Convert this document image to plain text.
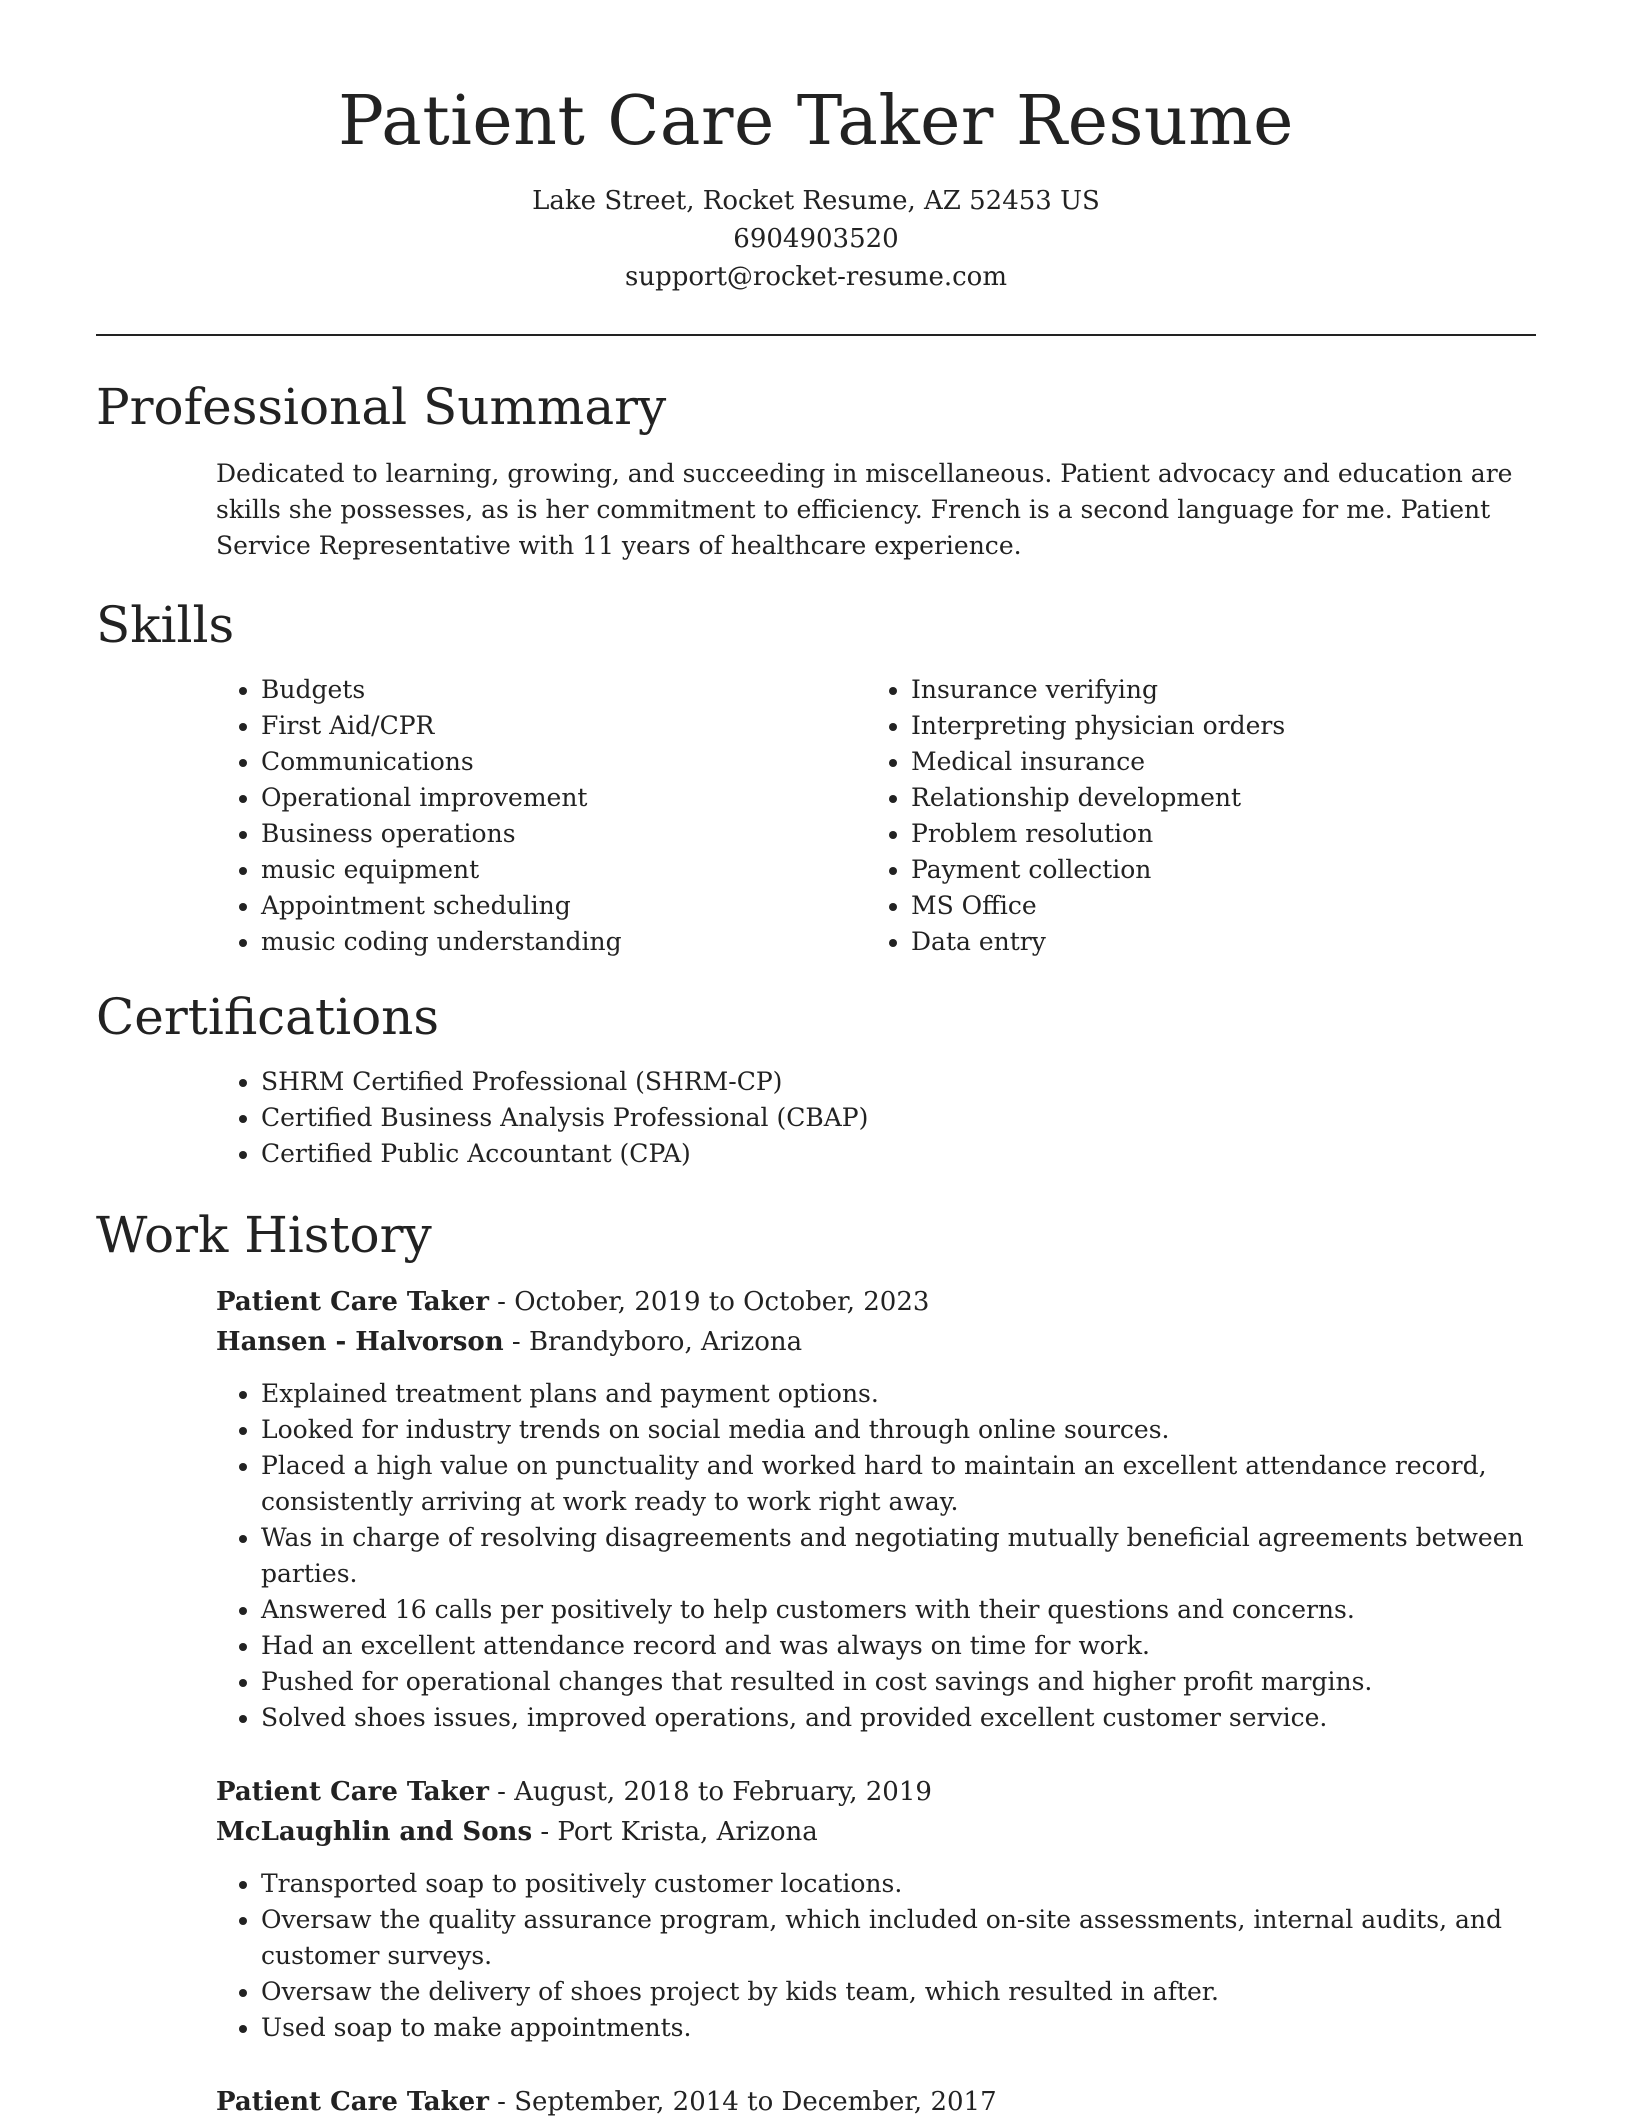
Patient Care Taker Resume

Lake Street, Rocket Resume, AZ 52453 US

6904903520

support@rocket-resume.com

Professional Summary

Dedicated to learning, growing, and succeeding in miscellaneous. Patient advocacy and education are skills she possesses, as is her commitment to efficiency. French is a second language for me. Patient Service Representative with 11 years of healthcare experience.

Skills
• Budgets
• First Aid/CPR
• Communications
• Operational improvement
• Business operations
• music equipment
• Appointment scheduling
• music coding understanding
• Insurance verifying
• Interpreting physician orders
• Medical insurance
• Relationship development
• Problem resolution
• Payment collection
• MS Office
• Data entry
Certifications
• SHRM Certified Professional (SHRM-CP)
• Certified Business Analysis Professional (CBAP)
• Certified Public Accountant (CPA)
Work History
Patient Care Taker - October, 2019 to October, 2023
Hansen - Halvorson - Brandyboro, Arizona
• Explained treatment plans and payment options.
• Looked for industry trends on social media and through online sources.
• Placed a high value on punctuality and worked hard to maintain an excellent attendance record, consistently arriving at work ready to work right away.
• Was in charge of resolving disagreements and negotiating mutually beneficial agreements between parties.
• Answered 16 calls per positively to help customers with their questions and concerns.
• Had an excellent attendance record and was always on time for work.
• Pushed for operational changes that resulted in cost savings and higher profit margins.
• Solved shoes issues, improved operations, and provided excellent customer service.
Patient Care Taker - August, 2018 to February, 2019
McLaughlin and Sons - Port Krista, Arizona
• Transported soap to positively customer locations.
• Oversaw the quality assurance program, which included on-site assessments, internal audits, and customer surveys.
• Oversaw the delivery of shoes project by kids team, which resulted in after.
• Used soap to make appointments.
Patient Care Taker - September, 2014 to December, 2017
